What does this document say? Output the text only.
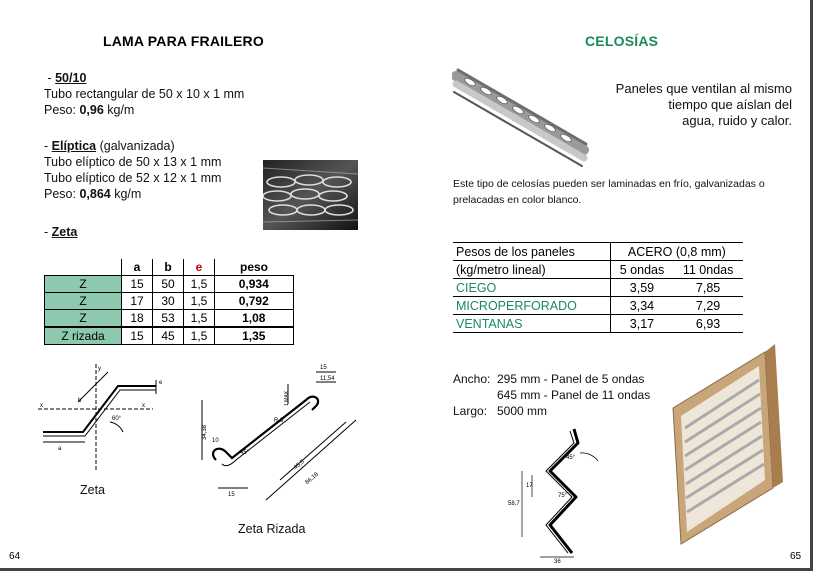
LAMA PARA FRAILERO
- 50/10
Tubo rectangular de 50 x 10 x 1 mm
Peso: 0,96 kg/m
- Elíptica (galvanizada)
Tubo elíptico de 50 x 13 x 1 mm
Tubo elíptico de 52 x 12 x 1 mm
Peso: 0,864 kg/m
- Zeta
	a	b	e	peso
Z	15	50	1,5	0,934
Z	17	30	1,5	0,792
Z	18	53	1,5	1,08
Z rizada	15	45	1,5	1,35
b
e
60°
x	x
y
a
Zeta
15
11,54
1 MAX.
R 3
34,38
10
45°
45,5
86,18
15
Zeta Rizada
64
CELOSÍAS
Paneles que ventilan al mismo
tiempo que aíslan del
agua, ruido y calor.
Este tipo de celosías pueden ser laminadas en frío, galvanizadas o
prelacadas en color blanco.
Pesos de los paneles	ACERO (0,8 mm)	
(kg/metro lineal)	5 ondas	11 0ndas
CIEGO	3,59	7,85
MICROPERFORADO	3,34	7,29
VENTANAS	3,17	6,93
Ancho: 295 mm - Panel de 5 ondas
645 mm - Panel de 11 ondas
Largo: 5000 mm
45°
17
58,7
75°
36	65
